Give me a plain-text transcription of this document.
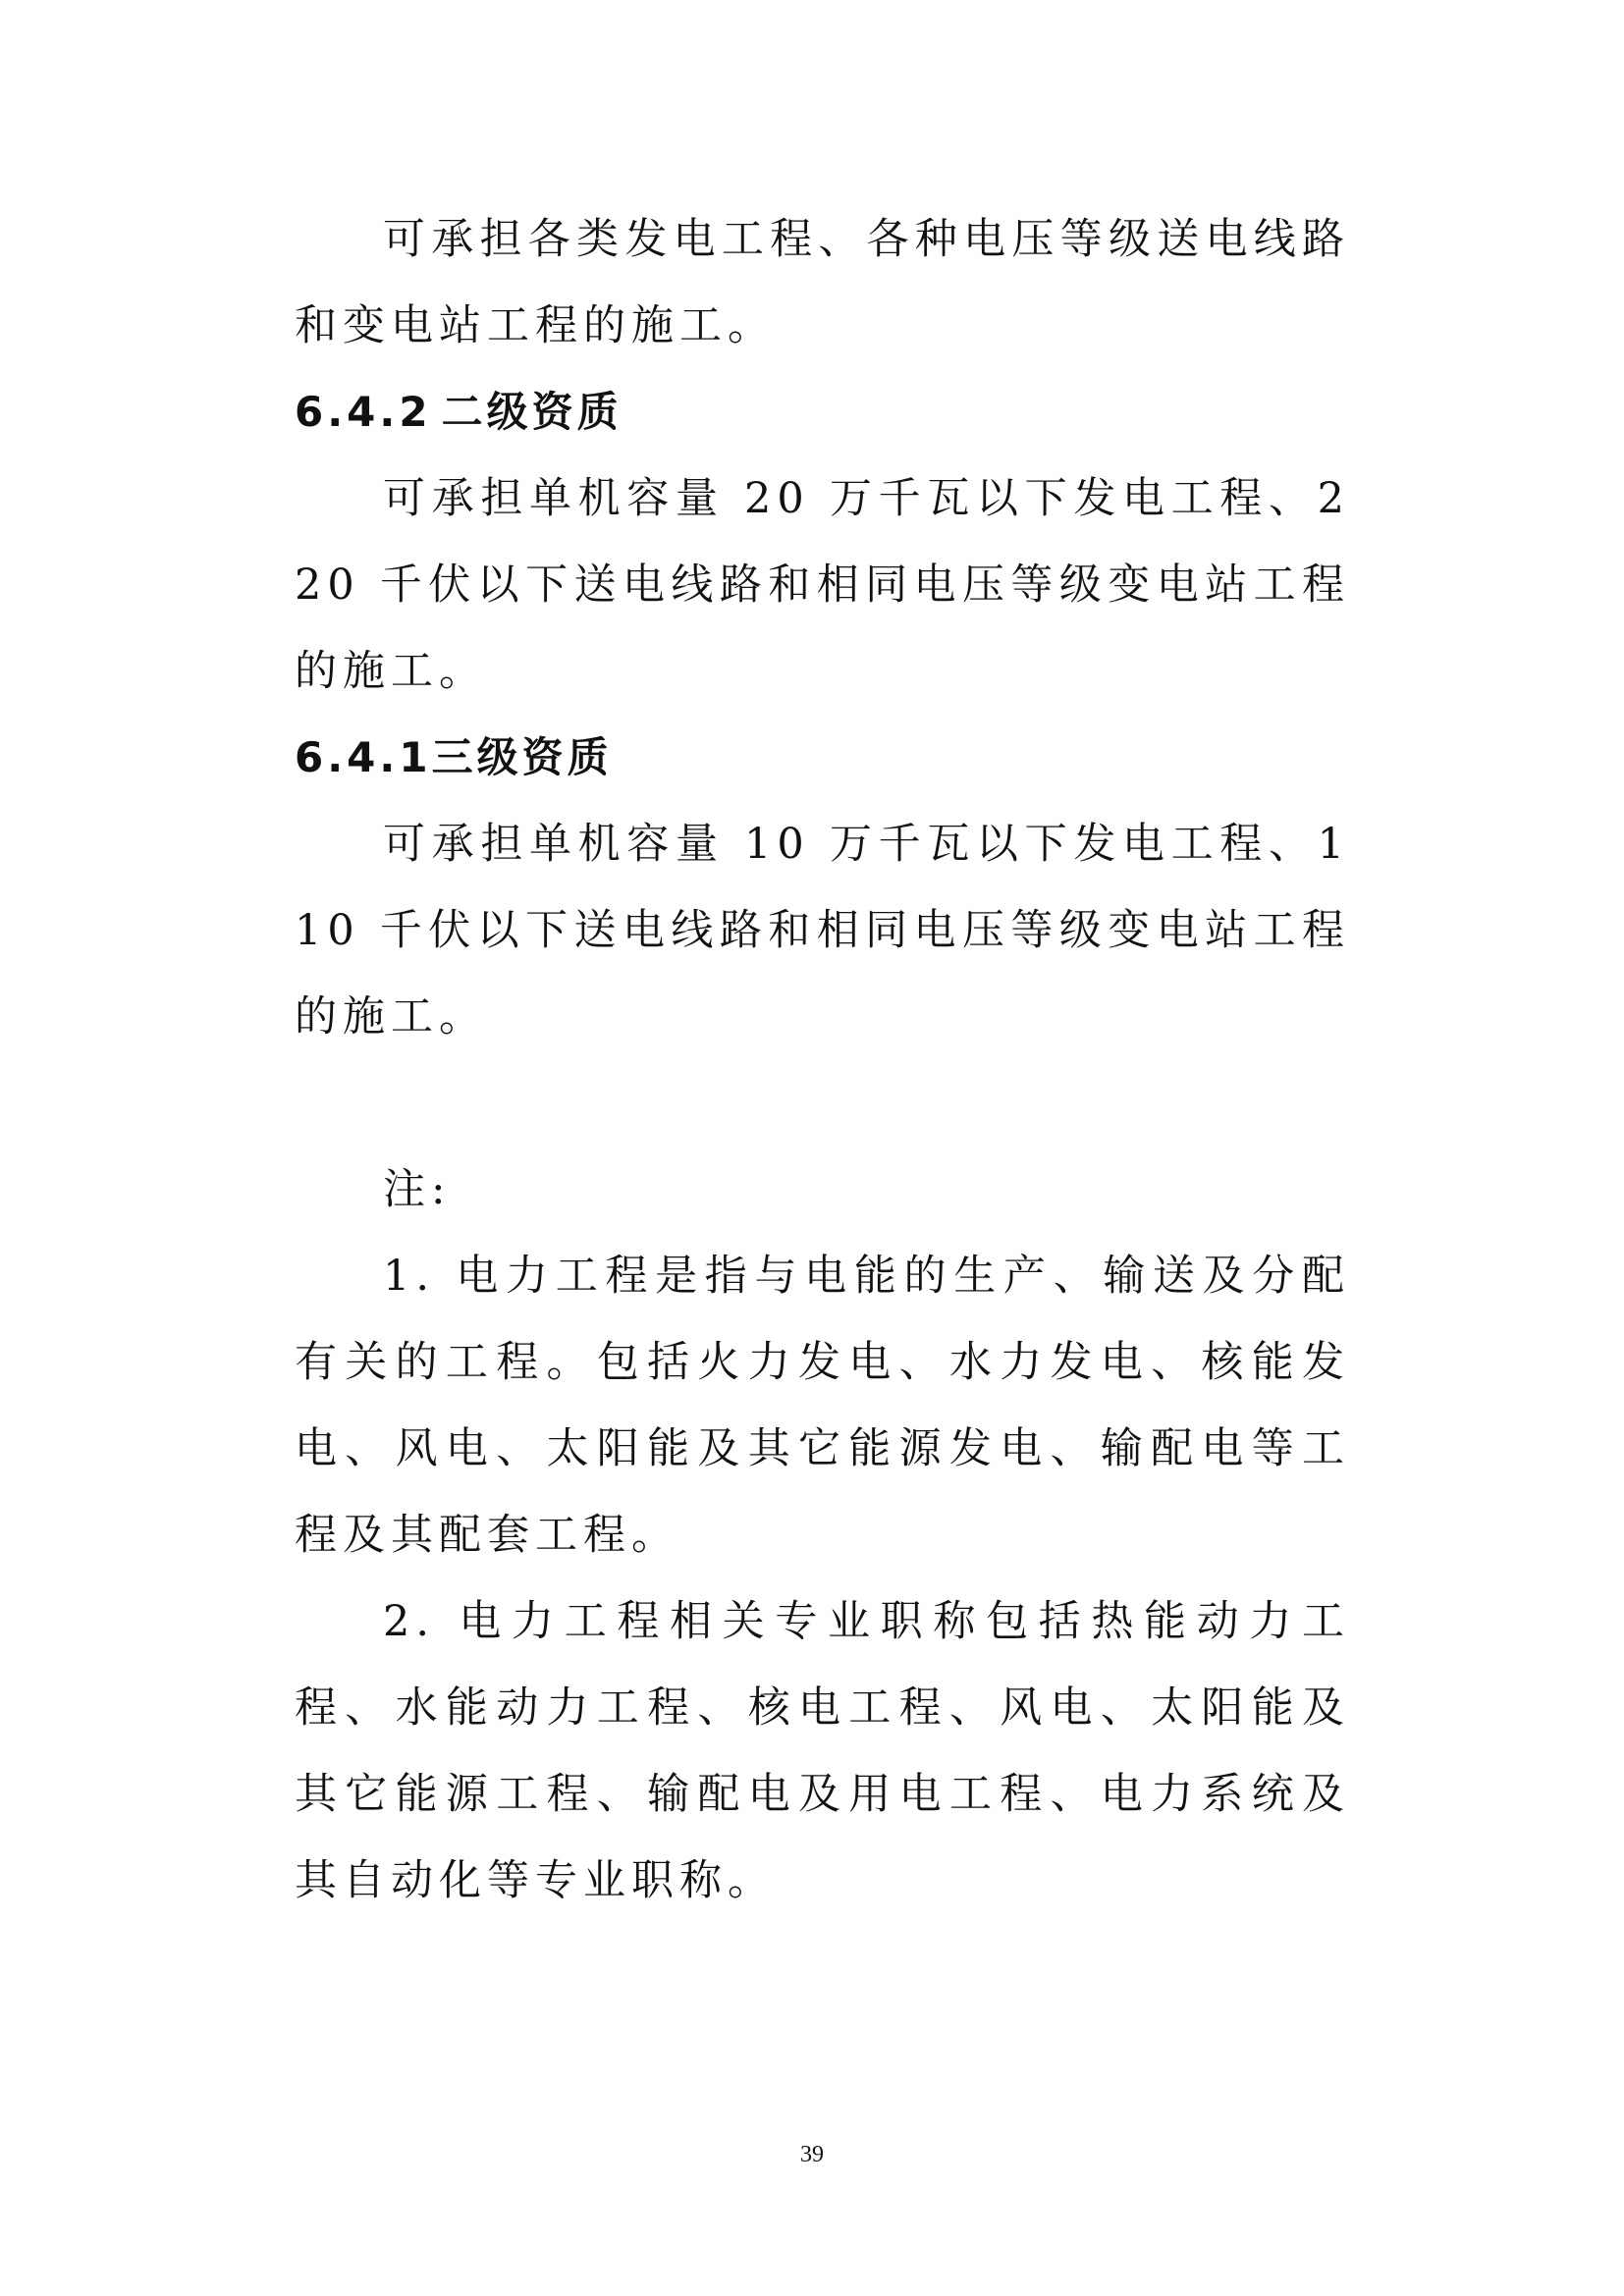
可承担各类发电工程、各种电压等级送电线路和变电站工程的施工。

6.4.2 二级资质

可承担单机容量 20 万千瓦以下发电工程、220 千伏以下送电线路和相同电压等级变电站工程的施工。

6.4.1三级资质

可承担单机容量 10 万千瓦以下发电工程、110 千伏以下送电线路和相同电压等级变电站工程的施工。

注:

1. 电力工程是指与电能的生产、输送及分配有关的工程。包括火力发电、水力发电、核能发电、风电、太阳能及其它能源发电、输配电等工程及其配套工程。

2. 电力工程相关专业职称包括热能动力工程、水能动力工程、核电工程、风电、太阳能及其它能源工程、输配电及用电工程、电力系统及其自动化等专业职称。

39
